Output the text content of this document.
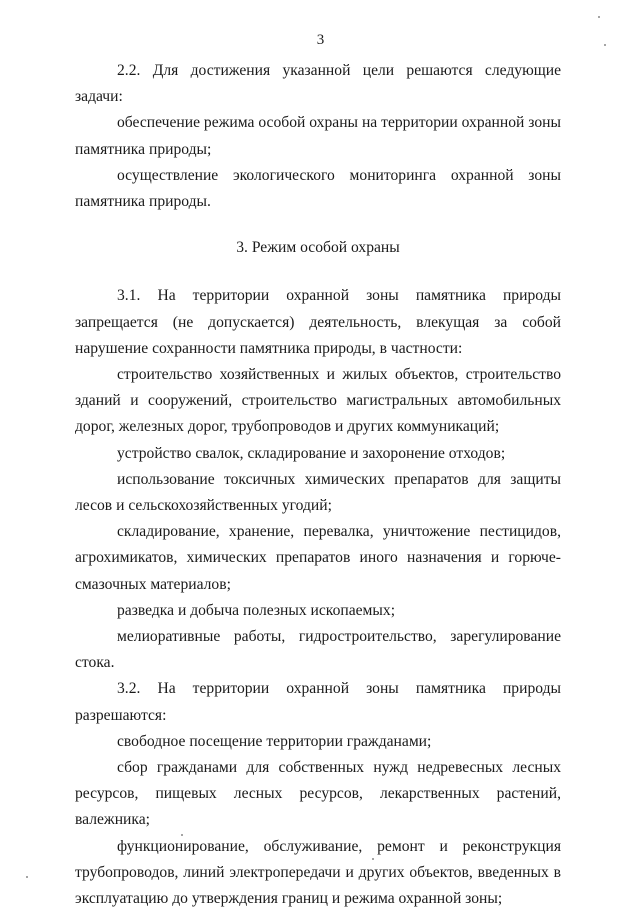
3

2.2. Для достижения указанной цели решаются следующие задачи:

обеспечение режима особой охраны на территории охранной зоны памятника природы;

осуществление экологического мониторинга охранной зоны памятника природы.

3. Режим особой охраны

3.1. На территории охранной зоны памятника природы запрещается (не допускается) деятельность, влекущая за собой нарушение сохранности памятника природы, в частности:

строительство хозяйственных и жилых объектов, строительство зданий и сооружений, строительство магистральных автомобильных дорог, железных дорог, трубопроводов и других коммуникаций;

устройство свалок, складирование и захоронение отходов;

использование токсичных химических препаратов для защиты лесов и сельскохозяйственных угодий;

складирование, хранение, перевалка, уничтожение пестицидов, агрохимикатов, химических препаратов иного назначения и горюче-смазочных материалов;

разведка и добыча полезных ископаемых;

мелиоративные работы, гидростроительство, зарегулирование стока.

3.2. На территории охранной зоны памятника природы разрешаются:

свободное посещение территории гражданами;

сбор гражданами для собственных нужд недревесных лесных ресурсов, пищевых лесных ресурсов, лекарственных растений, валежника;

функционирование, обслуживание, ремонт и реконструкция трубопроводов, линий электропередачи и других объектов, введенных в эксплуатацию до утверждения границ и режима охранной зоны;
